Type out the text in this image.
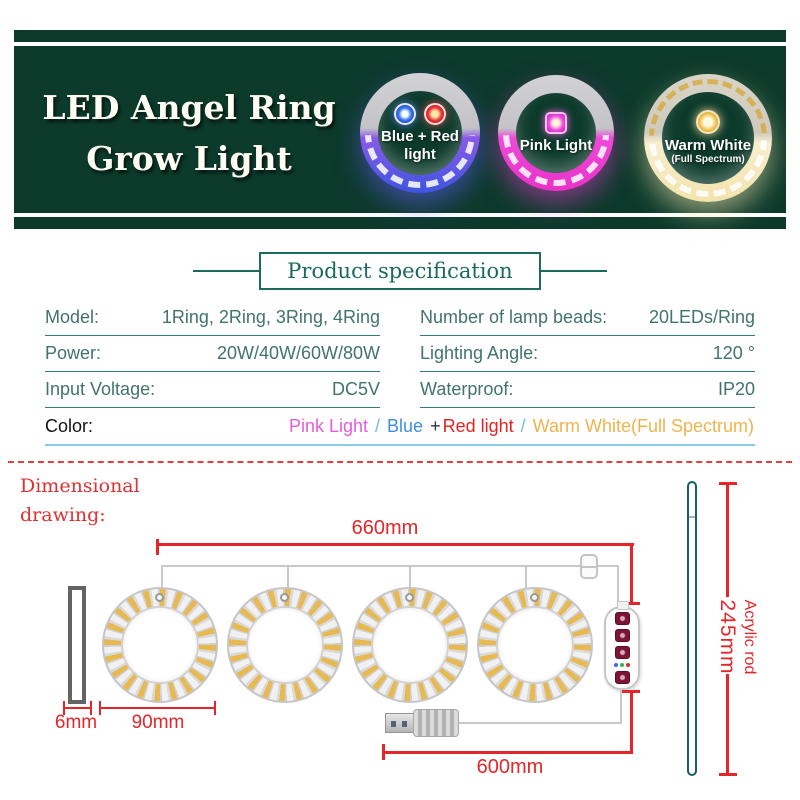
LED Angel Ring
Grow Light
Blue + Red
light
Pink Light	Warm White
(Full Spectrum)
Product specification
Model:	1Ring, 2Ring, 3Ring, 4Ring
Power:	20W/40W/60W/80W
Input Voltage:	DC5V
Number of lamp beads: 20LEDs/Ring
Lighting Angle:	120 °
Waterproof:	IP20
Color:	Pink Light / Blue + Red light / Warm White(Full Spectrum)

Dimensional
drawing:
660mm
6mm	90mm
600mm
Acrylic rod
245mm
